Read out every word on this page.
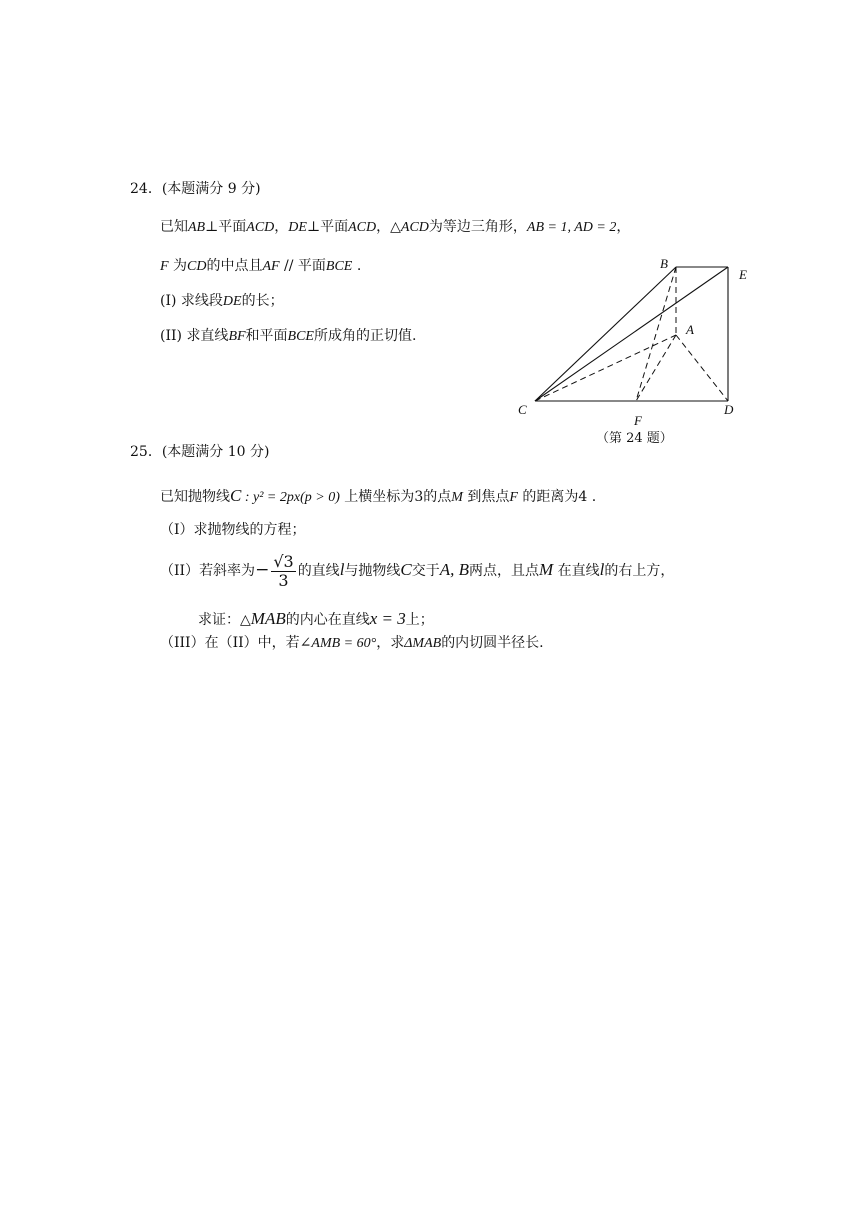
24．(本题满分 9 分)
已知AB⊥平面ACD，DE⊥平面ACD，△ACD为等边三角形，AB = 1, AD = 2，
F 为CD的中点且AF // 平面BCE .
(I) 求线段DE的长；
(II) 求直线BF和平面BCE所成角的正切值.
B
E
A
C	D
F
（第 24 题）
25．(本题满分 10 分)
已知抛物线C : y² = 2px(p > 0) 上横坐标为3的点M 到焦点F 的距离为4 .
（I）求抛物线的方程；
（II）若斜率为− $\frac{√3}{3}$ 的直线l与抛物线C交于A, B两点，且点M 在直线l的右上方，
求证：△MAB的内心在直线x = 3上；
（III）在（II）中，若∠AMB = 60°，求ΔMAB的内切圆半径长.
